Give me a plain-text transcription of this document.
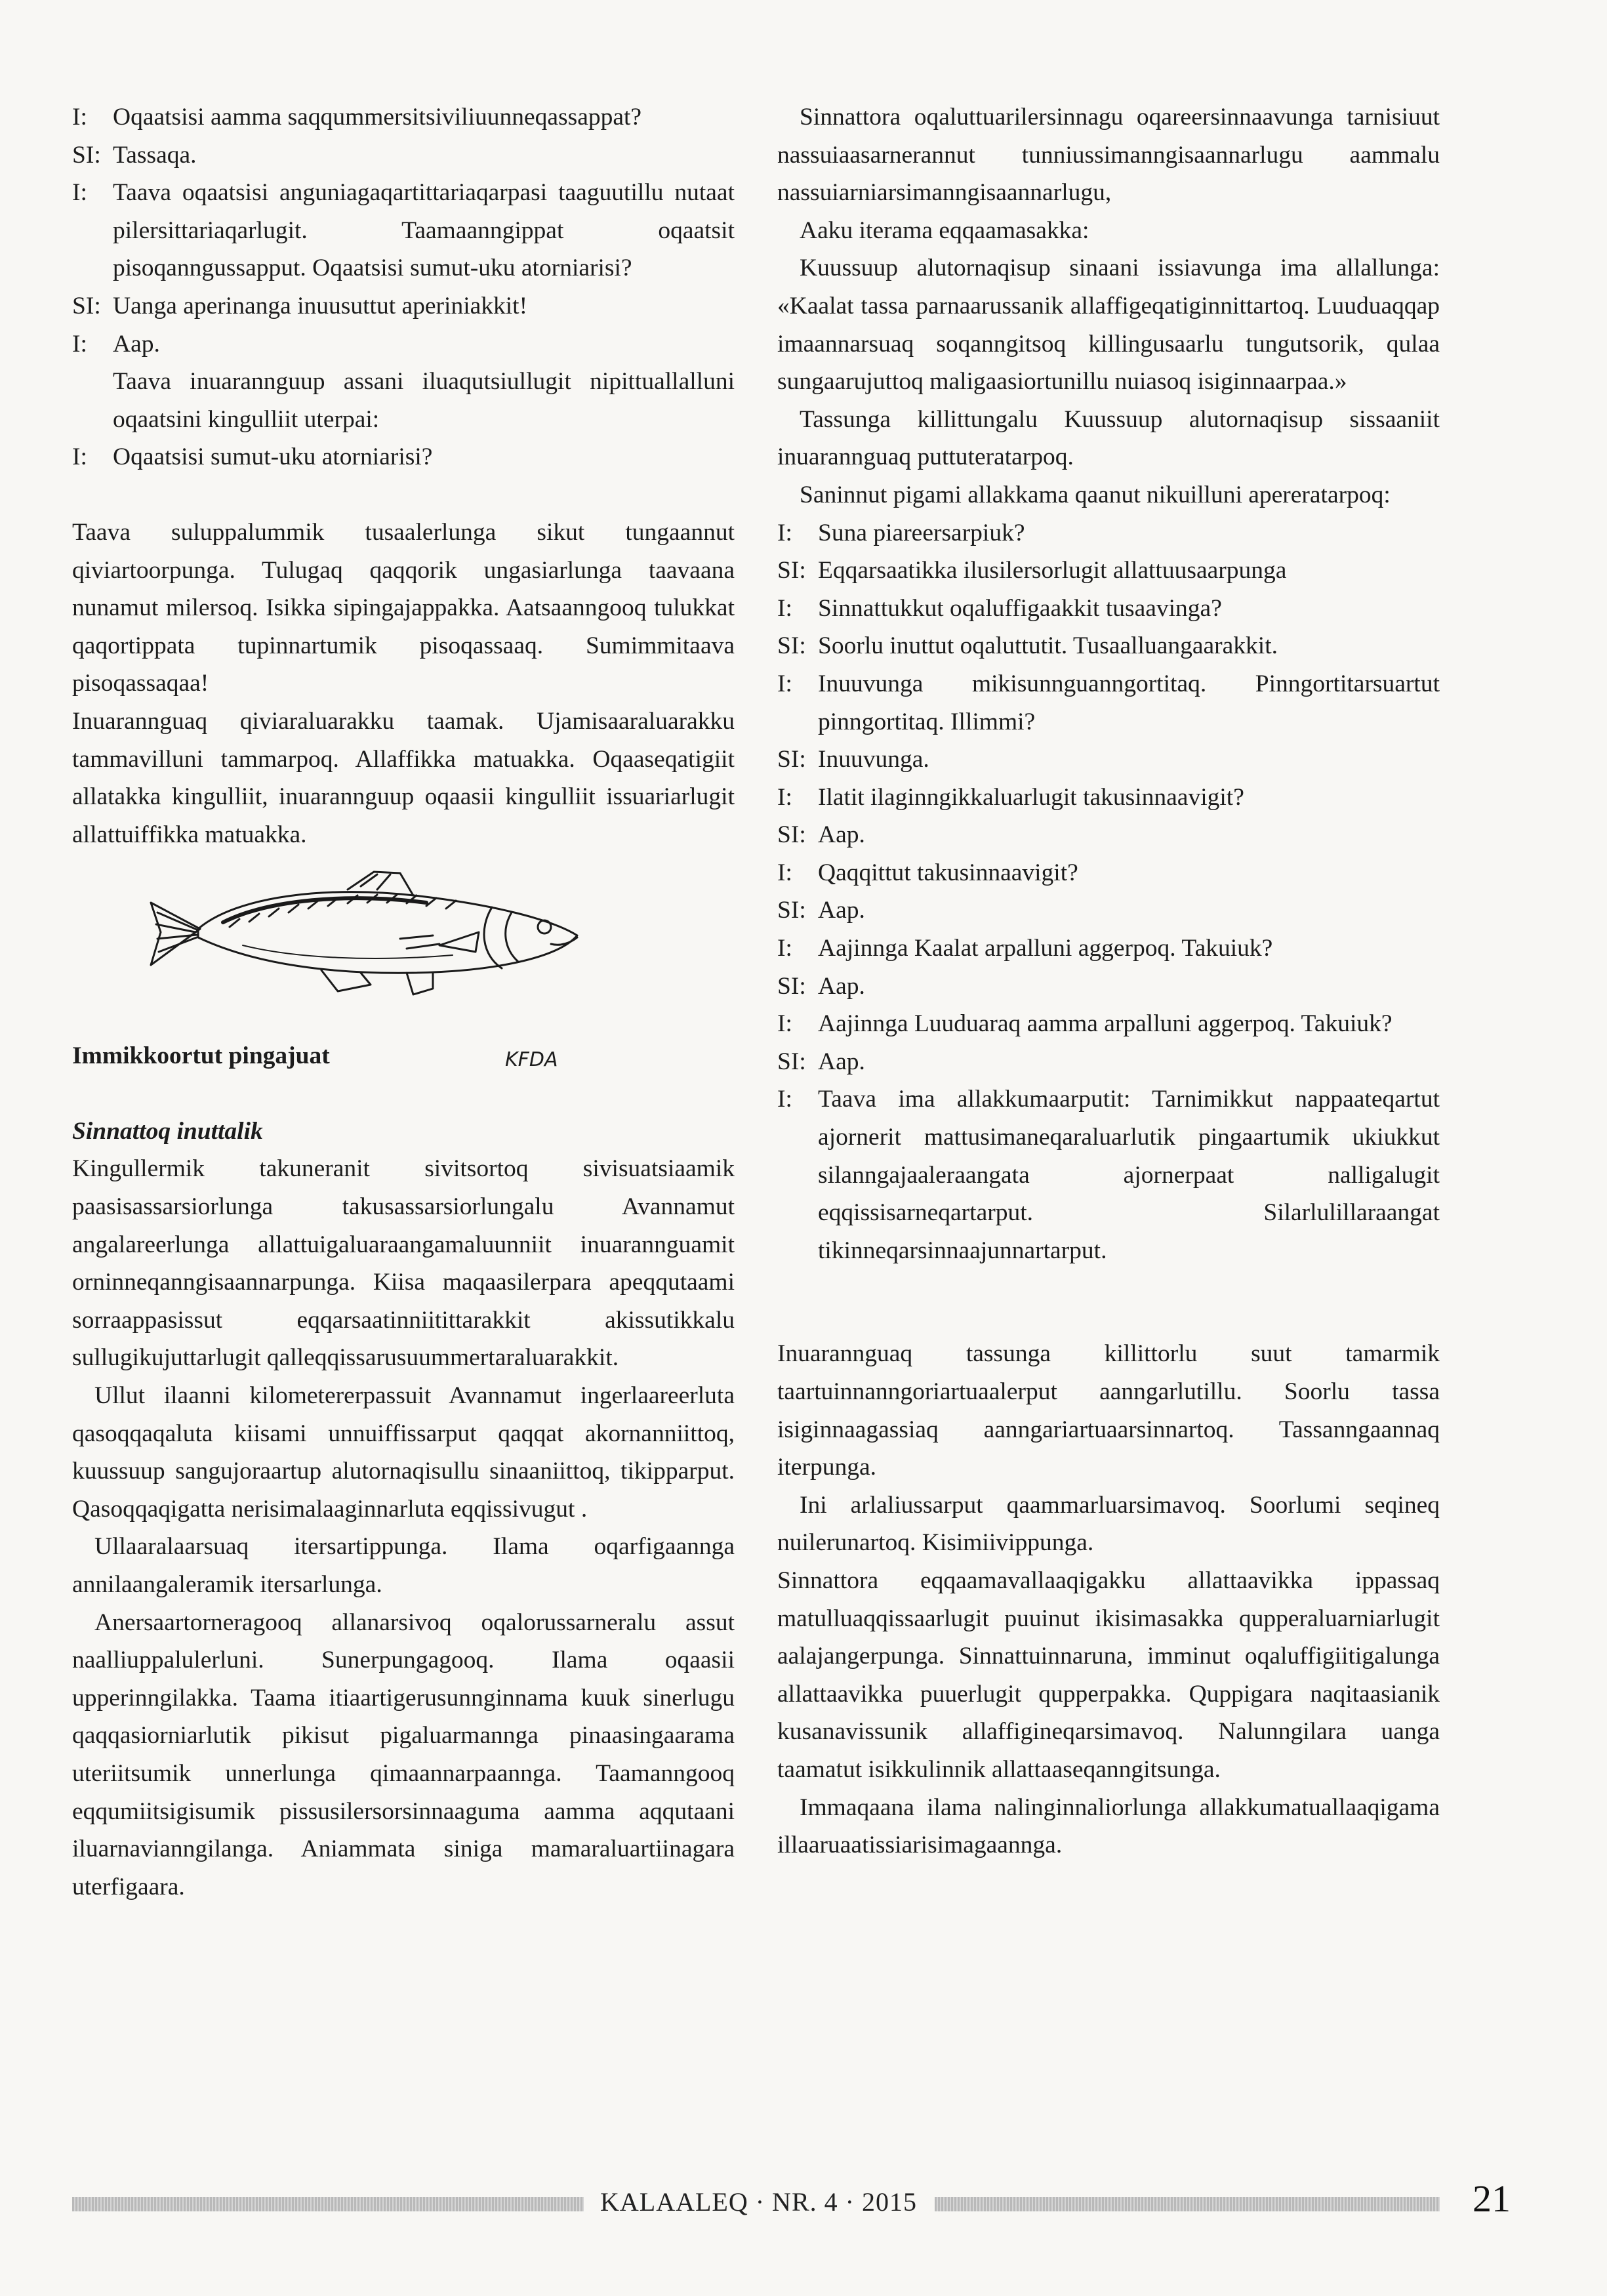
I:	Oqaatsisi aamma saqqummersitsiviliuunneqassappat?
SI: Tassaqa.
I:	Taava oqaatsisi anguniagaqartittariaqarpasi taaguutillu nutaat pilersittariaqarlugit. Taamaanngippat oqaatsit pisoqanngussapput. Oqaatsisi sumut-uku atorniarisi?
SI: Uanga aperinanga inuusuttut aperiniakkit!
I:	Aap.
Taava inuarannguup assani iluaqutsiullugit nipittuallalluni oqaatsini kingulliit uterpai:
I:	Oqaatsisi sumut-uku atorniarisi?
Taava suluppalummik tusaalerlunga sikut tungaannut qiviartoorpunga. Tulugaq qaqqorik ungasiarlunga taavaana nunamut milersoq. Isikka sipingajappakka. Aatsaanngooq tulukkat qaqortippata tupinnartumik pisoqassaaq. Sumimmitaava pisoqassaqaa!
Inuarannguaq qiviaraluarakku taamak. Ujamisaaraluarakku tammavilluni tammarpoq. Allaffikka matuakka. Oqaaseqatigiit allatakka kingulliit, inuarannguup oqaasii kingulliit issuariarlugit allattuiffikka matuakka.
KFDA
Immikkoortut pingajuat
Sinnattoq inuttalik
Kingullermik takuneranit sivitsortoq sivisuatsiaamik paasisassarsiorlunga takusassarsiorlungalu Avannamut angalareerlunga allattuigaluaraangamaluunniit inuarannguamit orninneqanngisaannarpunga. Kiisa maqaasilerpara apeqqutaami sorraappasissut eqqarsaatinniitittarakkit akissutikkalu sullugikujuttarlugit qalleqqissarusuummertaraluarakkit.
Ullut ilaanni kilometererpassuit Avannamut ingerlaareerluta qasoqqaqaluta kiisami unnuiffissarput qaqqat akornanniittoq, kuussuup sangujoraartup alutornaqisullu sinaaniittoq, tikipparput. Qasoqqaqigatta nerisimalaaginnarluta eqqissivugut .
Ullaaralaarsuaq itersartippunga. Ilama oqarfigaannga annilaangaleramik itersarlunga.
Anersaartorneragooq allanarsivoq oqalorussarneralu assut naalliuppalulerluni. Sunerpungagooq. Ilama oqaasii upperinngilakka. Taama itiaartigerusunnginnama kuuk sinerlugu qaqqasiorniarlutik pikisut pigaluarmannga pinaasingaarama uteriitsumik unnerlunga qimaannarpaannga. Taamanngooq eqqumiitsigisumik pissusilersorsinnaaguma aamma aqqutaani iluarnavianngilanga. Aniammata siniga mamaraluartiinagara uterfigaara.
Sinnattora oqaluttuarilersinnagu oqareersinnaavunga tarnisiuut nassuiaasarnerannut tunniussimanngisaannarlugu aammalu nassuiarniarsimanngisaannarlugu,
Aaku iterama eqqaamasakka:
Kuussuup alutornaqisup sinaani issiavunga ima allallunga: «Kaalat tassa parnaarussanik allaffigeqatiginnittartoq. Luuduaqqap imaannarsuaq soqanngitsoq killingusaarlu tungutsorik, qulaa sungaarujuttoq maligaasiortunillu nuiasoq isiginnaarpaa.»
Tassunga killittungalu Kuussuup alutornaqisup sissaaniit inuarannguaq puttuteratarpoq.
Saninnut pigami allakkama qaanut nikuilluni apereratarpoq:
I:	Suna piareersarpiuk?
SI: Eqqarsaatikka ilusilersorlugit allattuusaarpunga
I:	Sinnattukkut oqaluffigaakkit tusaavinga?
SI: Soorlu inuttut oqaluttutit. Tusaalluangaarakkit.
I:	Inuuvunga mikisunnguanngortitaq. Pinngortitarsuartut pinngortitaq. Illimmi?
SI: Inuuvunga.
I:	Ilatit ilaginngikkaluarlugit takusinnaavigit?
SI: Aap.
I:	Qaqqittut takusinnaavigit?
SI: Aap.
I:	Aajinnga Kaalat arpalluni aggerpoq. Takuiuk?
SI: Aap.
I:	Aajinnga Luuduaraq aamma arpalluni aggerpoq. Takuiuk?
SI: Aap.
I:	Taava ima allakkumaarputit: Tarnimikkut nappaateqartut ajornerit mattusimaneqaraluarlutik pingaartumik ukiukkut silanngajaaleraangata ajornerpaat nalligalugit eqqissisarneqartarput. Silarlulillaraangat tikinneqarsinnaajunnartarput.
Inuarannguaq tassunga killittorlu suut tamarmik taartuinnanngoriartuaalerput aanngarlutillu. Soorlu tassa isiginnaagassiaq aanngariartuaarsinnartoq. Tassanngaannaq iterpunga.
Ini arlaliussarput qaammarluarsimavoq. Soorlumi seqineq nuilerunartoq. Kisimiivippunga.
Sinnattora eqqaamavallaaqigakku allattaavikka ippassaq matulluaqqissaarlugit puuinut ikisimasakka qupperaluarniarlugit aalajangerpunga. Sinnattuinnaruna, imminut oqaluffigiitigalunga allattaavikka puuerlugit qupperpakka. Quppigara naqitaasianik kusanavissunik allaffigineqarsimavoq. Nalunngilara uanga taamatut isikkulinnik allattaaseqanngitsunga.
Immaqaana ilama nalinginnaliorlunga allakkumatuallaaqigama illaaruaatissiarisimagaannga.
KALAALEQ · NR. 4 · 2015	21
